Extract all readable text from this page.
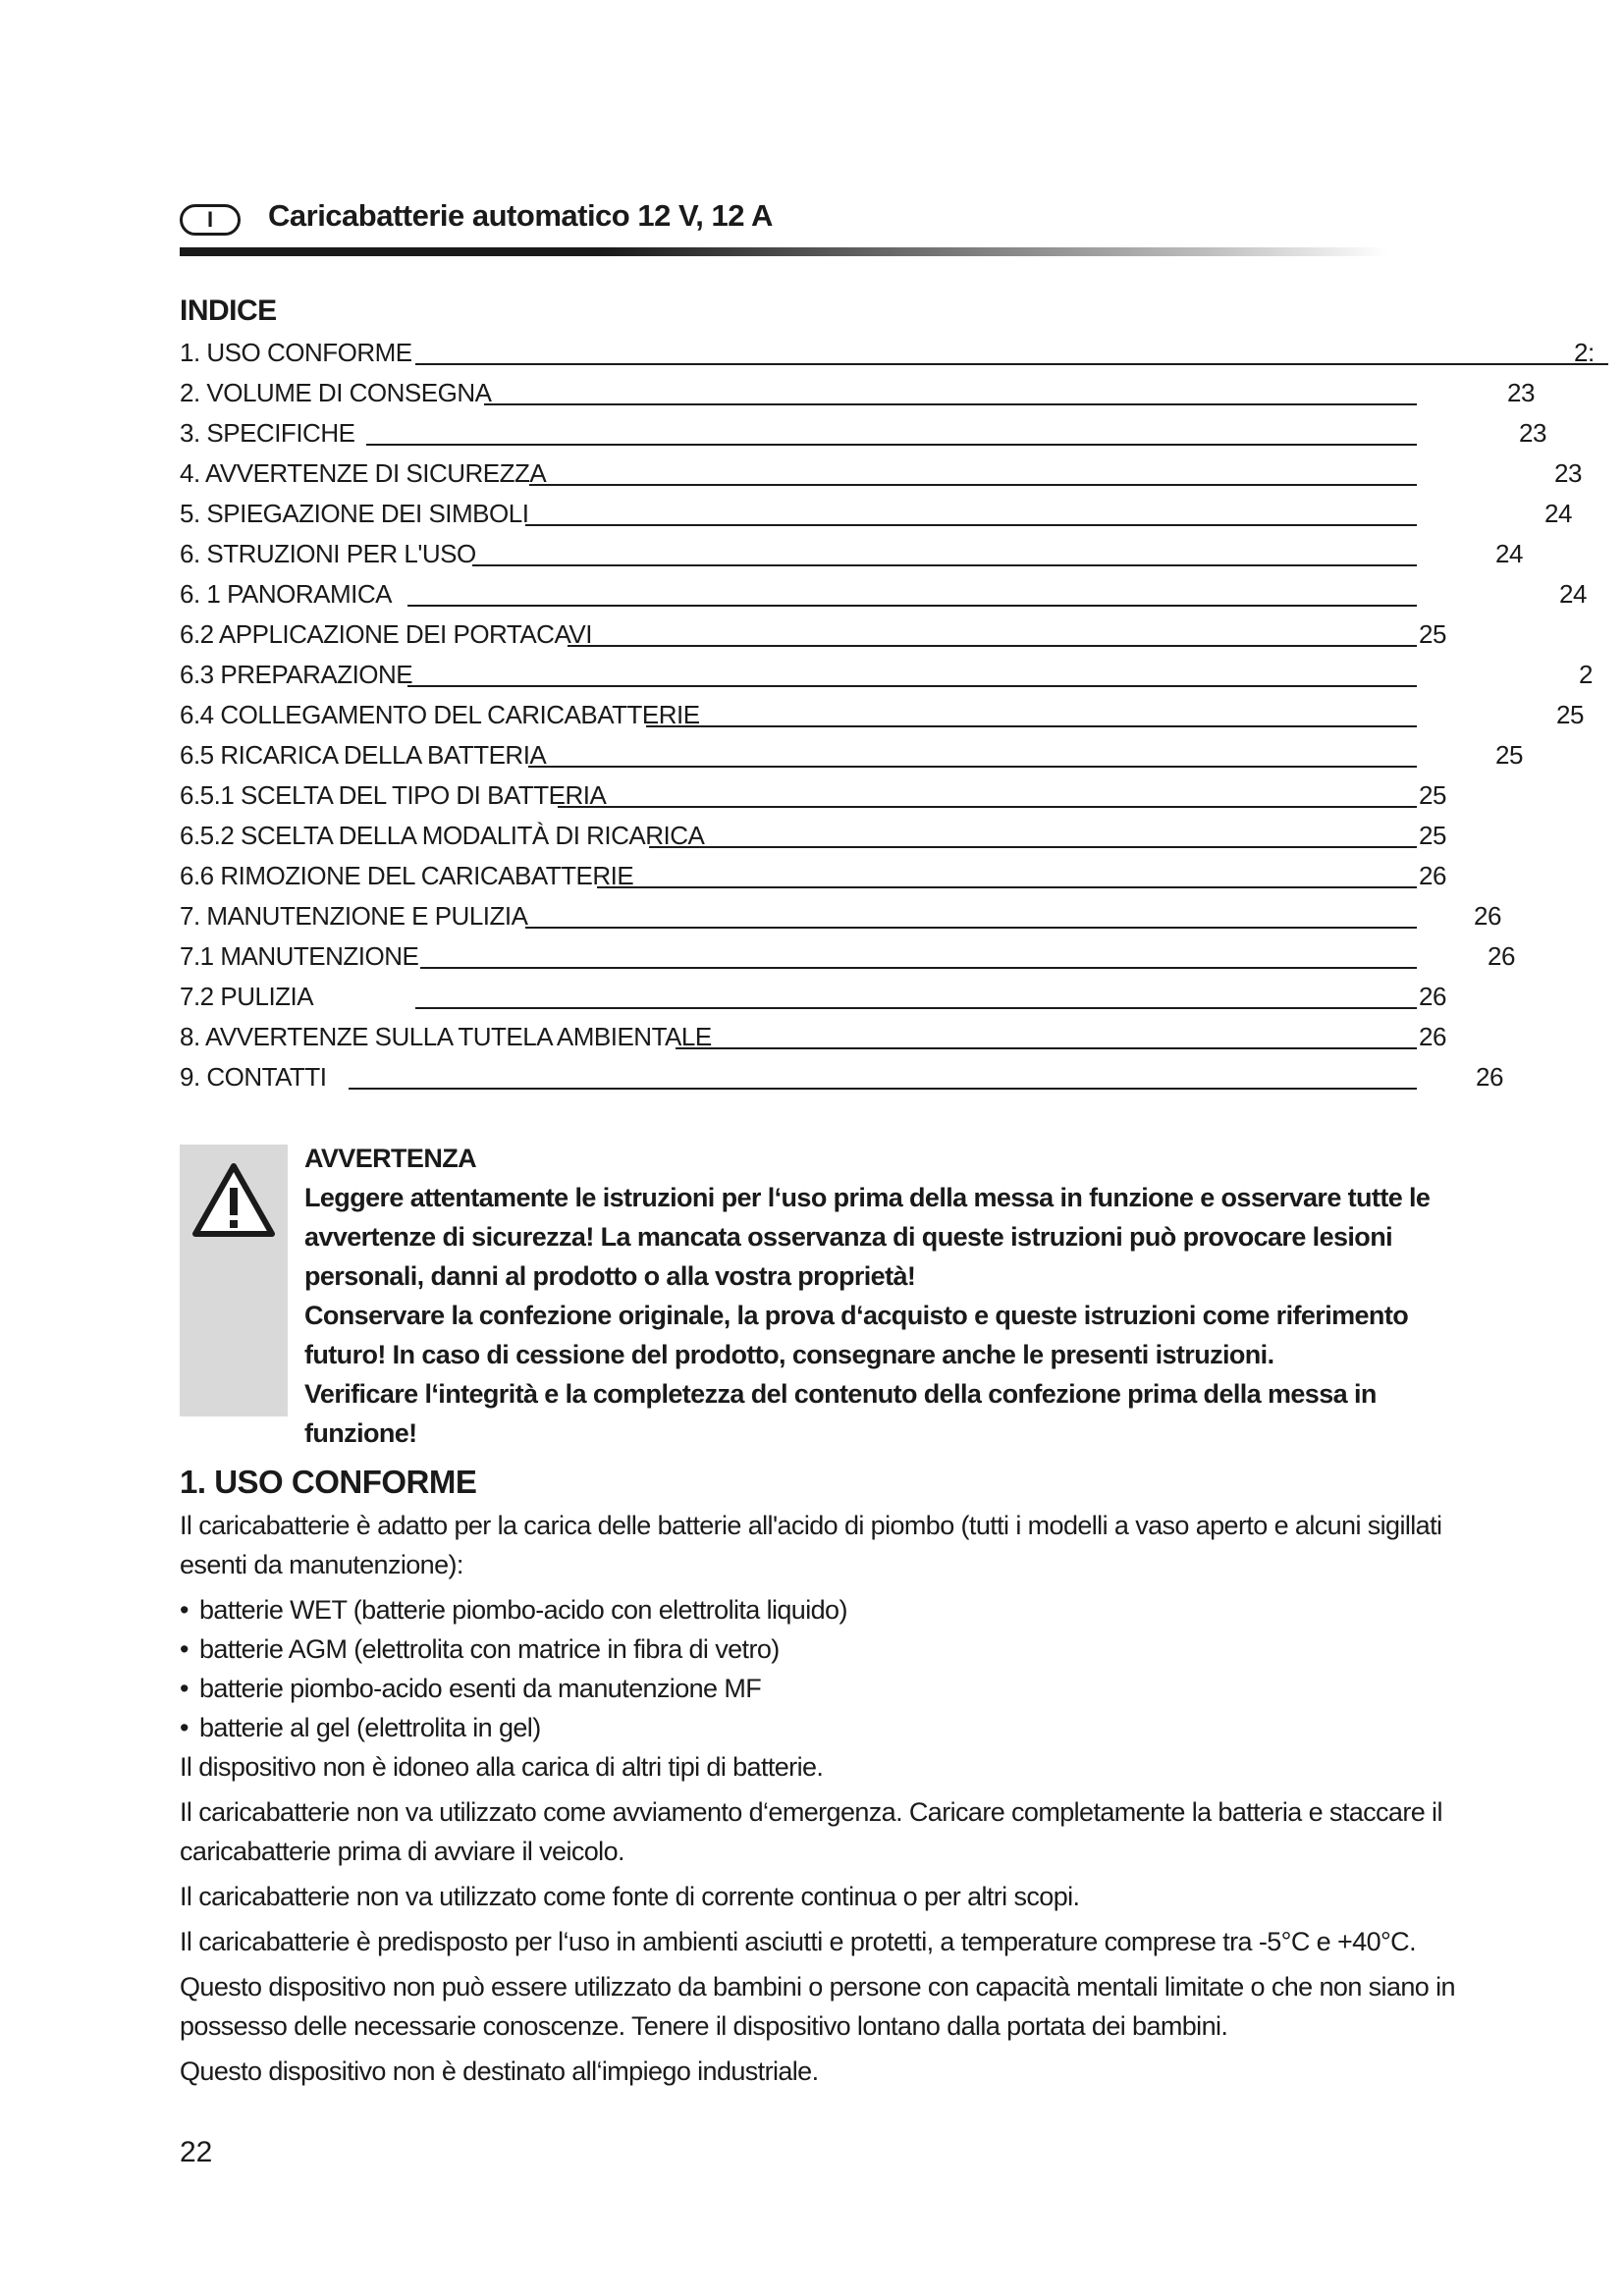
I	Caricabatterie automatico 12 V, 12 A
INDICE
1. USO CONFORME	2:
2. VOLUME DI CONSEGNA	23
3. SPECIFICHE	23
4. AVVERTENZE DI SICUREZZA	23
5. SPIEGAZIONE DEI SIMBOLI	24
6. STRUZIONI PER L'USO	24
6. 1 PANORAMICA	24
6.2 APPLICAZIONE DEI PORTACAVI	25
6.3 PREPARAZIONE	2
6.4 COLLEGAMENTO DEL CARICABATTERIE	25
6.5 RICARICA DELLA BATTERIA	25
6.5.1 SCELTA DEL TIPO DI BATTERIA	25
6.5.2 SCELTA DELLA MODALITÀ DI RICARICA	25
6.6 RIMOZIONE DEL CARICABATTERIE	26
7. MANUTENZIONE E PULIZIA	26
7.1 MANUTENZIONE	26
7.2 PULIZIA	26
8. AVVERTENZE SULLA TUTELA AMBIENTALE	26
9. CONTATTI	26

AVVERTENZA

Leggere attentamente le istruzioni per l‘uso prima della messa in funzione e osservare tutte le avvertenze di sicurezza! La mancata osservanza di queste istruzioni può provocare lesioni personali, danni al prodotto o alla vostra proprietà!

Conservare la confezione originale, la prova d‘acquisto e queste istruzioni come riferimento futuro! In caso di cessione del prodotto, consegnare anche le presenti istruzioni.

Verificare l‘integrità e la completezza del contenuto della confezione prima della messa in funzione!

1. USO CONFORME

Il caricabatterie è adatto per la carica delle batterie all'acido di piombo (tutti i modelli a vaso aperto e alcuni sigillati esenti da manutenzione):

• batterie WET (batterie piombo-acido con elettrolita liquido)
• batterie AGM (elettrolita con matrice in fibra di vetro)
• batterie piombo-acido esenti da manutenzione MF
• batterie al gel (elettrolita in gel)

Il dispositivo non è idoneo alla carica di altri tipi di batterie.

Il caricabatterie non va utilizzato come avviamento d‘emergenza. Caricare completamente la batteria e staccare il caricabatterie prima di avviare il veicolo.

Il caricabatterie non va utilizzato come fonte di corrente continua o per altri scopi.

Il caricabatterie è predisposto per l‘uso in ambienti asciutti e protetti, a temperature comprese tra -5°C e +40°C.

Questo dispositivo non può essere utilizzato da bambini o persone con capacità mentali limitate o che non siano in possesso delle necessarie conoscenze. Tenere il dispositivo lontano dalla portata dei bambini.

Questo dispositivo non è destinato all‘impiego industriale.

22
